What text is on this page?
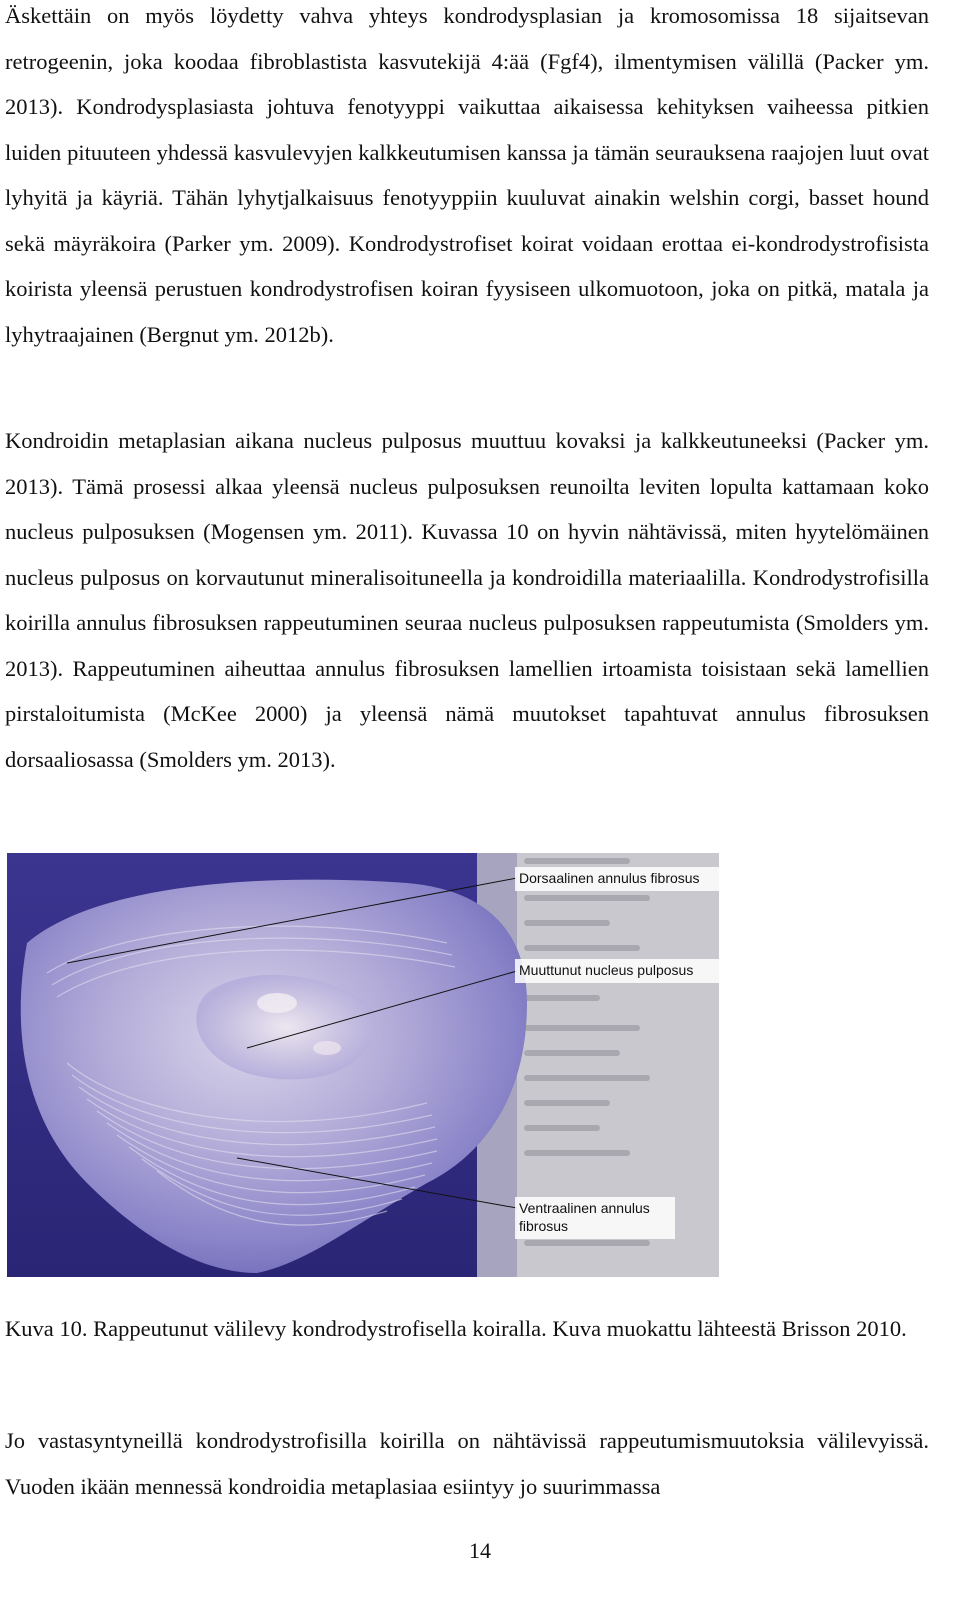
Äskettäin on myös löydetty vahva yhteys kondrodysplasian ja kromosomissa 18 sijaitsevan retrogeenin, joka koodaa fibroblastista kasvutekijä 4:ää (Fgf4), ilmentymisen välillä (Packer ym. 2013). Kondrodysplasiasta johtuva fenotyyppi vaikuttaa aikaisessa kehityksen vaiheessa pitkien luiden pituuteen yhdessä kasvulevyjen kalkkeutumisen kanssa ja tämän seurauksena raajojen luut ovat lyhyitä ja käyriä. Tähän lyhytjalkaisuus fenotyyppiin kuuluvat ainakin welshin corgi, basset hound sekä mäyräkoira (Parker ym. 2009). Kondrodystrofiset koirat voidaan erottaa ei-kondrodystrofisista koirista yleensä perustuen kondrodystrofisen koiran fyysiseen ulkomuotoon, joka on pitkä, matala ja lyhytraajainen (Bergnut ym. 2012b).

Kondroidin metaplasian aikana nucleus pulposus muuttuu kovaksi ja kalkkeutuneeksi (Packer ym. 2013). Tämä prosessi alkaa yleensä nucleus pulposuksen reunoilta leviten lopulta kattamaan koko nucleus pulposuksen (Mogensen ym. 2011). Kuvassa 10 on hyvin nähtävissä, miten hyytelömäinen nucleus pulposus on korvautunut mineralisoituneella ja kondroidilla materiaalilla. Kondrodystrofisilla koirilla annulus fibrosuksen rappeutuminen seuraa nucleus pulposuksen rappeutumista (Smolders ym. 2013). Rappeutuminen aiheuttaa annulus fibrosuksen lamellien irtoamista toisistaan sekä lamellien pirstaloitumista (McKee 2000) ja yleensä nämä muutokset tapahtuvat annulus fibrosuksen dorsaaliosassa (Smolders ym. 2013).

Dorsaalinen annulus fibrosus
Muuttunut nucleus pulposus
Ventraalinen annulus
fibrosus

Kuva 10. Rappeutunut välilevy kondrodystrofisella koiralla. Kuva muokattu lähteestä Brisson 2010.

Jo vastasyntyneillä kondrodystrofisilla koirilla on nähtävissä rappeutumismuutoksia välilevyissä. Vuoden ikään mennessä kondroidia metaplasiaa esiintyy jo suurimmassa

14
